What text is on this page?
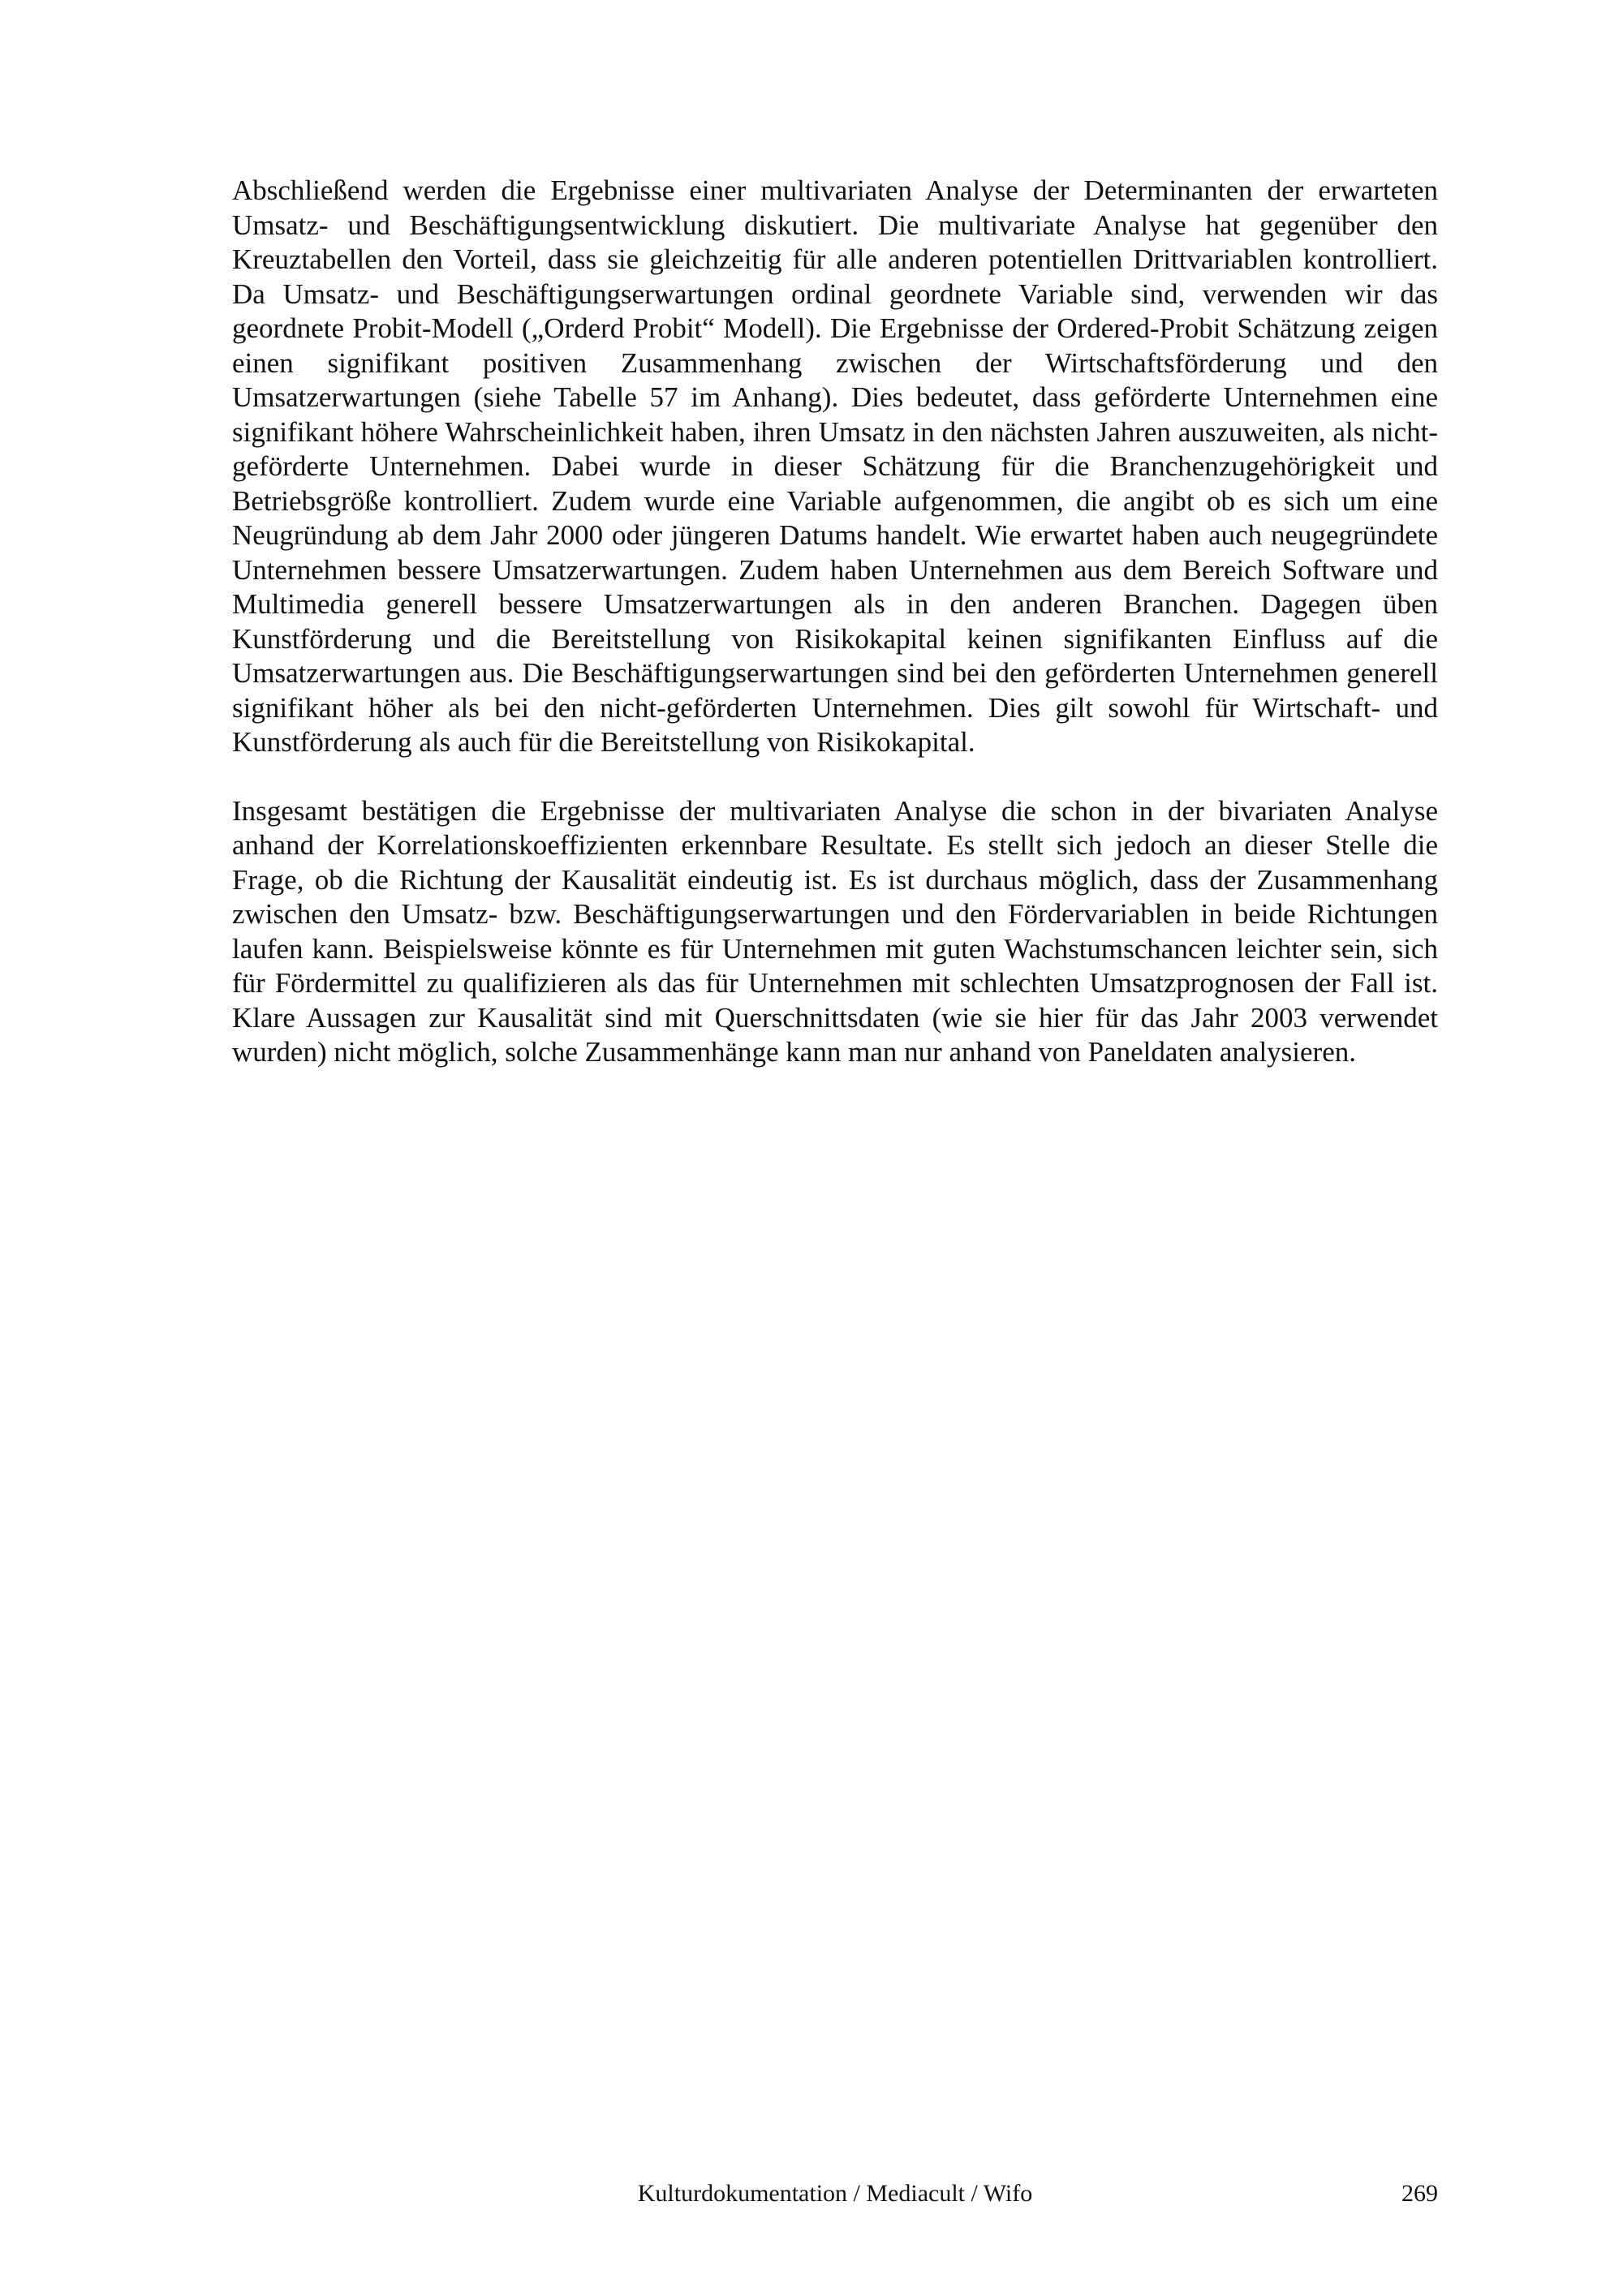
Abschließend werden die Ergebnisse einer multivariaten Analyse der Determinanten der erwarteten Umsatz- und Beschäftigungsentwicklung diskutiert. Die multivariate Analyse hat gegenüber den Kreuztabellen den Vorteil, dass sie gleichzeitig für alle anderen potentiellen Drittvariablen kontrolliert. Da Umsatz- und Beschäftigungserwartungen ordinal geordnete Variable sind, verwenden wir das geordnete Probit-Modell („Orderd Probit“ Modell). Die Ergebnisse der Ordered-Probit Schätzung zeigen einen signifikant positiven Zusammenhang zwischen der Wirtschaftsförderung und den Umsatzerwartungen (siehe Tabelle 57 im Anhang). Dies bedeutet, dass geförderte Unternehmen eine signifikant höhere Wahrscheinlichkeit haben, ihren Umsatz in den nächsten Jahren auszuweiten, als nicht-geförderte Unternehmen. Dabei wurde in dieser Schätzung für die Branchenzugehörigkeit und Betriebsgröße kontrolliert. Zudem wurde eine Variable aufgenommen, die angibt ob es sich um eine Neugründung ab dem Jahr 2000 oder jüngeren Datums handelt. Wie erwartet haben auch neugegründete Unternehmen bessere Umsatzerwartungen. Zudem haben Unternehmen aus dem Bereich Software und Multimedia generell bessere Umsatzerwartungen als in den anderen Branchen. Dagegen üben Kunstförderung und die Bereitstellung von Risikokapital keinen signifikanten Einfluss auf die Umsatzerwartungen aus. Die Beschäftigungserwartungen sind bei den geförderten Unternehmen generell signifikant höher als bei den nicht-geförderten Unternehmen. Dies gilt sowohl für Wirtschaft- und Kunstförderung als auch für die Bereitstellung von Risikokapital.

Insgesamt bestätigen die Ergebnisse der multivariaten Analyse die schon in der bivariaten Analyse anhand der Korrelationskoeffizienten erkennbare Resultate. Es stellt sich jedoch an dieser Stelle die Frage, ob die Richtung der Kausalität eindeutig ist. Es ist durchaus möglich, dass der Zusammenhang zwischen den Umsatz- bzw. Beschäftigungserwartungen und den Fördervariablen in beide Richtungen laufen kann. Beispielsweise könnte es für Unternehmen mit guten Wachstumschancen leichter sein, sich für Fördermittel zu qualifizieren als das für Unternehmen mit schlechten Umsatzprognosen der Fall ist. Klare Aussagen zur Kausalität sind mit Querschnittsdaten (wie sie hier für das Jahr 2003 verwendet wurden) nicht möglich, solche Zusammenhänge kann man nur anhand von Paneldaten analysieren.

Kulturdokumentation / Mediacult / Wifo	269
